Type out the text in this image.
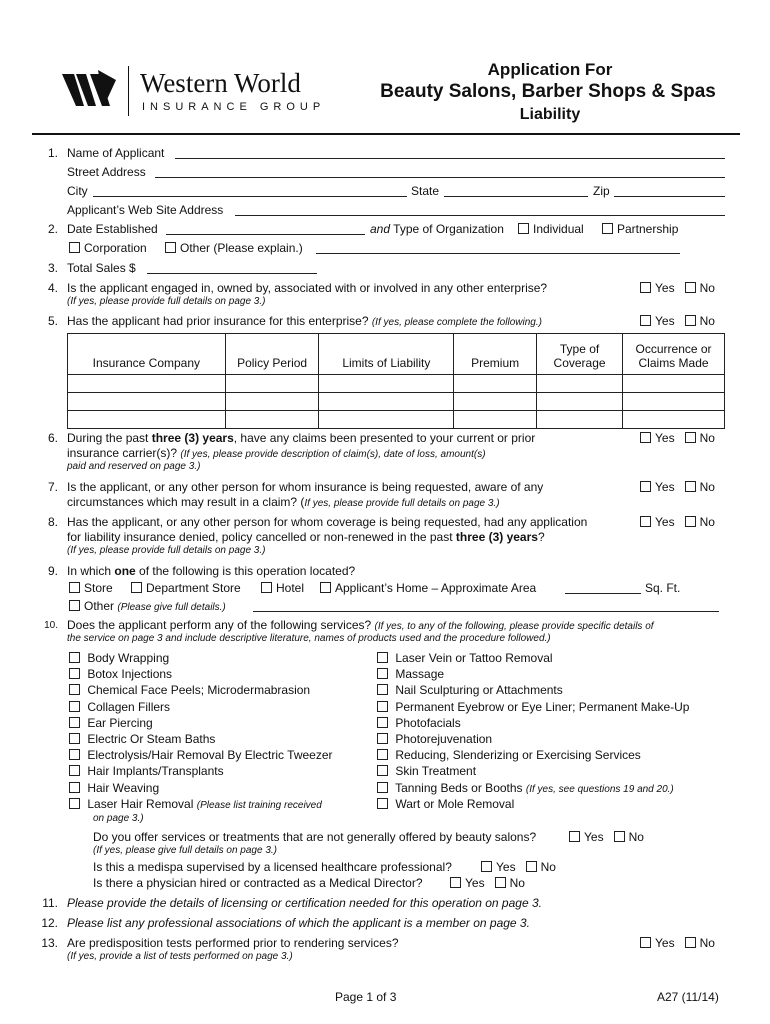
Western World
INSURANCE GROUP
Application For
Beauty Salons, Barber Shops & Spas
Liability
1. Name of Applicant
Street Address
City	State	Zip
Applicant’s Web Site Address
2. Date Established	and Type of Organization	Individual	Partnership
Corporation	Other (Please explain.)
3. Total Sales $
4. Is the applicant engaged in, owned by, associated with or involved in any other enterprise?
(If yes, please provide full details on page 3.)
Yes No
5. Has the applicant had prior insurance for this enterprise? (If yes, please complete the following.)	Yes No
Insurance Company	Policy Period	Limits of Liability	Premium	Type of Coverage	Occurrence or Claims Made

6. During the past three (3) years, have any claims been presented to your current or prior
insurance carrier(s)? (If yes, please provide description of claim(s), date of loss, amount(s)
paid and reserved on page 3.)
Yes No
7. Is the applicant, or any other person for whom insurance is being requested, aware of any
circumstances which may result in a claim? (If yes, please provide full details on page 3.)
Yes No
8. Has the applicant, or any other person for whom coverage is being requested, had any application
for liability insurance denied, policy cancelled or non-renewed in the past three (3) years?
(If yes, please provide full details on page 3.)
Yes No
9. In which one of the following is this operation located?
Store	Department Store	Hotel	Applicant’s Home – Approximate Area	Sq. Ft.
Other (Please give full details.)
10. Does the applicant perform any of the following services? (If yes, to any of the following, please provide specific details of
the service on page 3 and include descriptive literature, names of products used and the procedure followed.)
Body Wrapping
Botox Injections
Chemical Face Peels; Microdermabrasion
Collagen Fillers
Ear Piercing
Electric Or Steam Baths
Electrolysis/Hair Removal By Electric Tweezer
Hair Implants/Transplants
Hair Weaving
Laser Hair Removal (Please list training received
on page 3.)
Laser Vein or Tattoo Removal
Massage
Nail Sculpturing or Attachments
Permanent Eyebrow or Eye Liner; Permanent Make-Up
Photofacials
Photorejuvenation
Reducing, Slenderizing or Exercising Services
Skin Treatment
Tanning Beds or Booths (If yes, see questions 19 and 20.)
Wart or Mole Removal
Do you offer services or treatments that are not generally offered by beauty salons?	Yes No
(If yes, please give full details on page 3.)
Is this a medispa supervised by a licensed healthcare professional?	Yes No
Is there a physician hired or contracted as a Medical Director?	Yes No
11. Please provide the details of licensing or certification needed for this operation on page 3.
12. Please list any professional associations of which the applicant is a member on page 3.
13. Are predisposition tests performed prior to rendering services?
(If yes, provide a list of tests performed on page 3.)
Yes No
Page 1 of 3	A27 (11/14)
